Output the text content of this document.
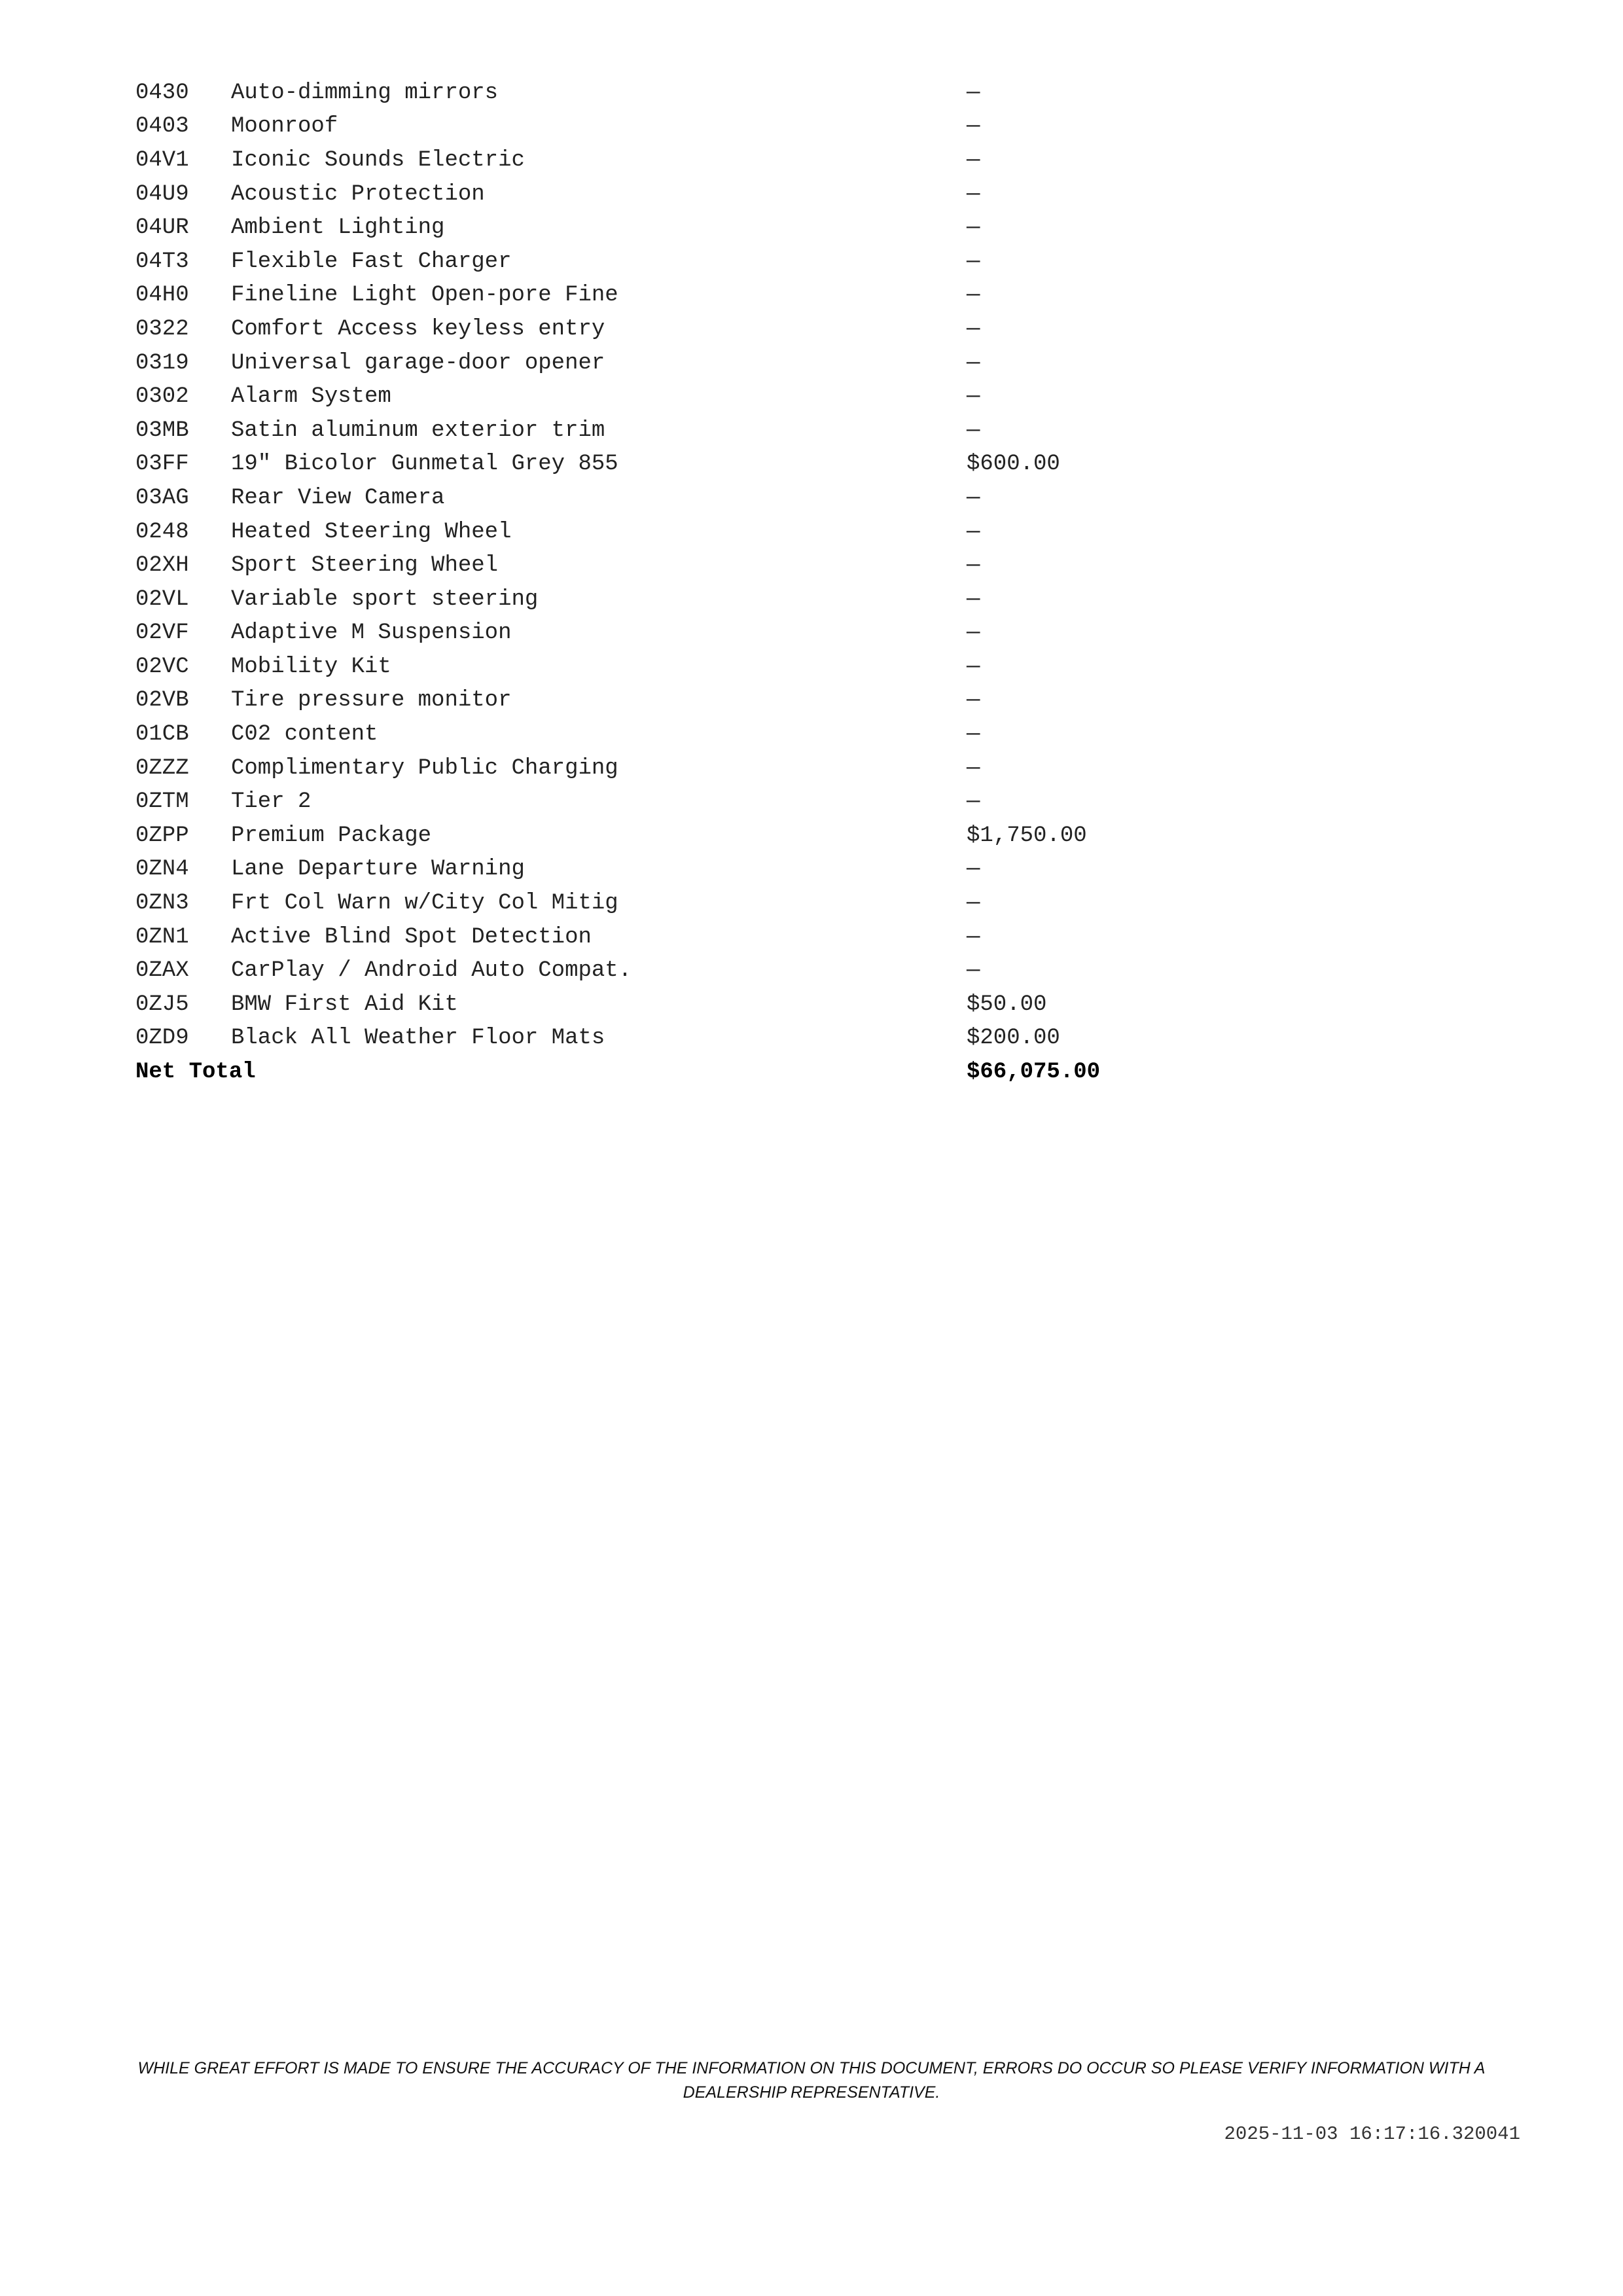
0430	Auto-dimming mirrors	—
0403	Moonroof	—
04V1	Iconic Sounds Electric	—
04U9	Acoustic Protection	—
04UR	Ambient Lighting	—
04T3	Flexible Fast Charger	—
04H0	Fineline Light Open-pore Fine	—
0322	Comfort Access keyless entry	—
0319	Universal garage-door opener	—
0302	Alarm System	—
03MB	Satin aluminum exterior trim	—
03FF	19" Bicolor Gunmetal Grey 855	$600.00
03AG	Rear View Camera	—
0248	Heated Steering Wheel	—
02XH	Sport Steering Wheel	—
02VL	Variable sport steering	—
02VF	Adaptive M Suspension	—
02VC	Mobility Kit	—
02VB	Tire pressure monitor	—
01CB	C02 content	—
0ZZZ	Complimentary Public Charging	—
0ZTM	Tier 2	—
0ZPP	Premium Package	$1,750.00
0ZN4	Lane Departure Warning	—
0ZN3	Frt Col Warn w/City Col Mitig	—
0ZN1	Active Blind Spot Detection	—
0ZAX	CarPlay / Android Auto Compat.	—
0ZJ5	BMW First Aid Kit	$50.00
0ZD9	Black All Weather Floor Mats	$200.00
Net Total		$66,075.00
WHILE GREAT EFFORT IS MADE TO ENSURE THE ACCURACY OF THE INFORMATION ON THIS DOCUMENT, ERRORS DO OCCUR SO PLEASE VERIFY INFORMATION WITH A DEALERSHIP REPRESENTATIVE.
2025-11-03 16:17:16.320041
